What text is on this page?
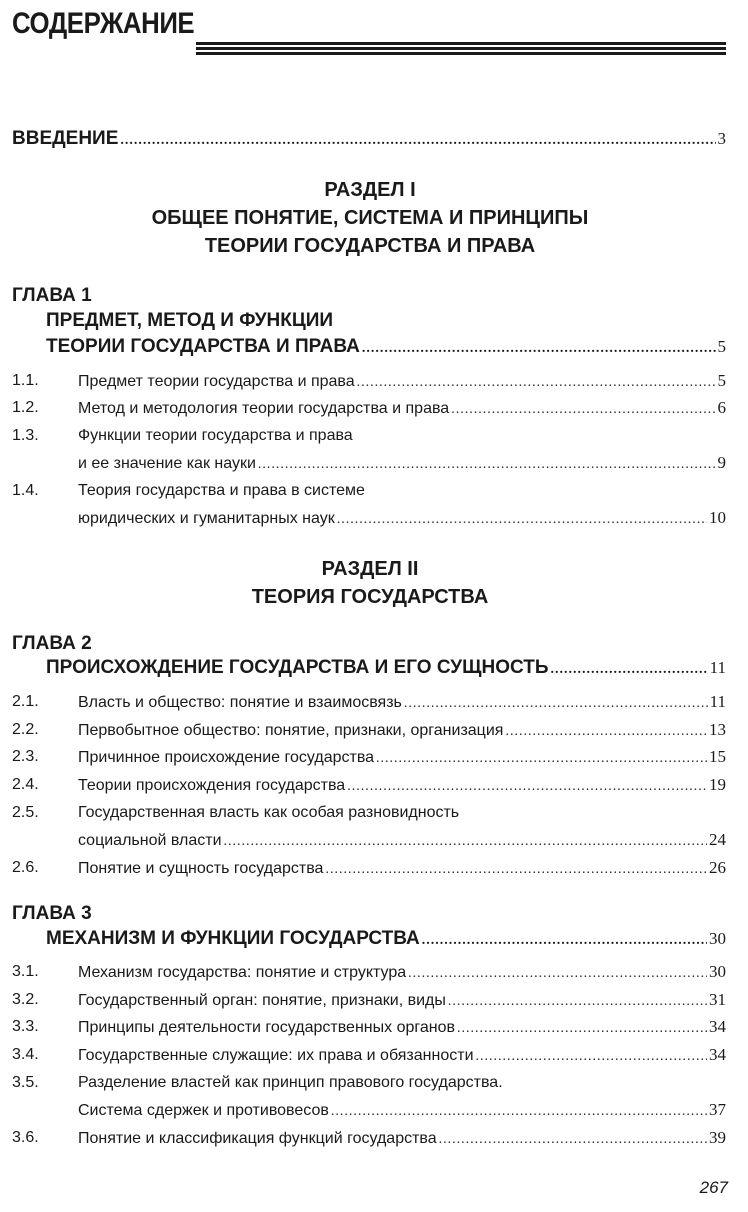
СОДЕРЖАНИЕ
ВВЕДЕНИЕ .....	3
РАЗДЕЛ I
ОБЩЕЕ ПОНЯТИЕ, СИСТЕМА И ПРИНЦИПЫ
ТЕОРИИ ГОСУДАРСТВА И ПРАВА
ГЛАВА 1
ПРЕДМЕТ, МЕТОД И ФУНКЦИИ
ТЕОРИИ ГОСУДАРСТВА И ПРАВА .....	5
1.1. Предмет теории государства и права .....	5
1.2. Метод и методология теории государства и права .....	6
1.3. Функции теории государства и права
и ее значение как науки .....	9
1.4. Теория государства и права в системе
юридических и гуманитарных наук .....	10
РАЗДЕЛ II
ТЕОРИЯ ГОСУДАРСТВА
ГЛАВА 2
ПРОИСХОЖДЕНИЕ ГОСУДАРСТВА И ЕГО СУЩНОСТЬ .....	11
2.1. Власть и общество: понятие и взаимосвязь .....	11
2.2. Первобытное общество: понятие, признаки, организация .....	13
2.3. Причинное происхождение государства .....	15
2.4. Теории происхождения государства .....	19
2.5. Государственная власть как особая разновидность
социальной власти .....	24
2.6. Понятие и сущность государства .....	26
ГЛАВА 3
МЕХАНИЗМ И ФУНКЦИИ ГОСУДАРСТВА .....	30
3.1. Механизм государства: понятие и структура .....	30
3.2. Государственный орган: понятие, признаки, виды .....	31
3.3. Принципы деятельности государственных органов .....	34
3.4. Государственные служащие: их права и обязанности .....	34
3.5. Разделение властей как принцип правового государства.
Система сдержек и противовесов .....	37
3.6. Понятие и классификация функций государства .....	39
267
